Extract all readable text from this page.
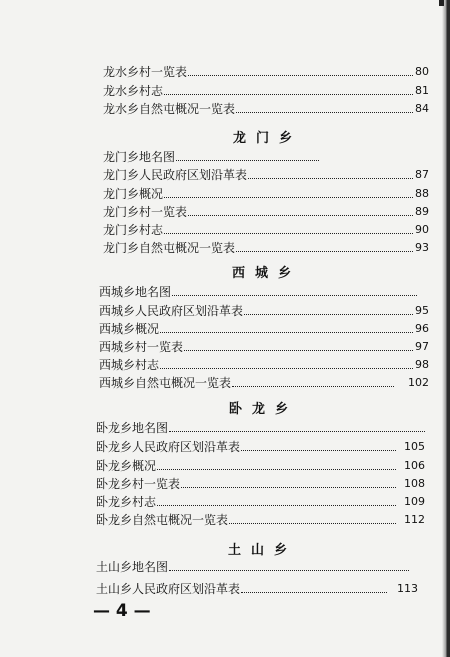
龙水乡村一览表	80
龙水乡村志	81
龙水乡自然屯概况一览表	84
龙门乡
龙门乡地名图
龙门乡人民政府区划沿革表	87
龙门乡概况	88
龙门乡村一览表	89
龙门乡村志	90
龙门乡自然屯概况一览表	93
西城乡
西城乡地名图
西城乡人民政府区划沿革表	95
西城乡概况	96
西城乡村一览表	97
西城乡村志	98
西城乡自然屯概况一览表	102
卧龙乡
卧龙乡地名图
卧龙乡人民政府区划沿革表	105
卧龙乡概况	106
卧龙乡村一览表	108
卧龙乡村志	109
卧龙乡自然屯概况一览表	112
土山乡
土山乡地名图
土山乡人民政府区划沿革表	113
— 4 —
